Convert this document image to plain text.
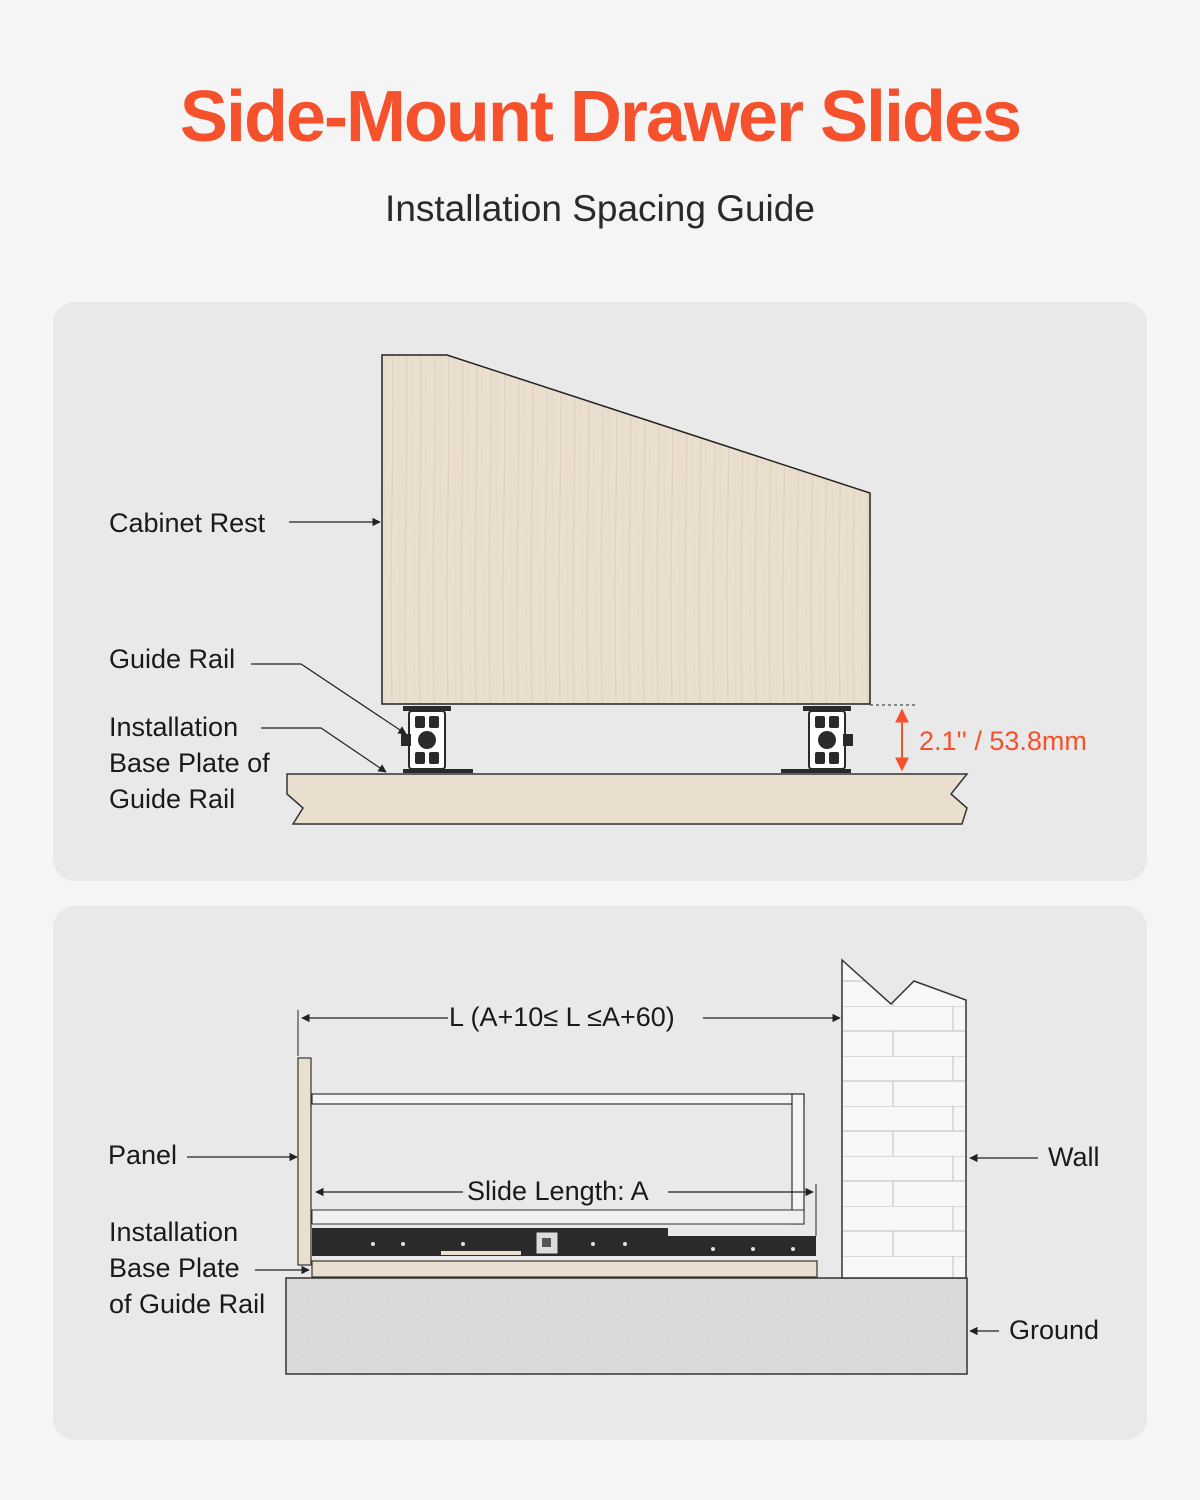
Side-Mount Drawer Slides
Installation Spacing Guide
Cabinet Rest
Guide Rail
Installation
Base Plate of
Guide Rail
2.1'' / 53.8mm
L (A+10≤ L ≤A+60)
Slide Length: A
Panel
Installation
Base Plate
of Guide Rail
Wall
Ground
